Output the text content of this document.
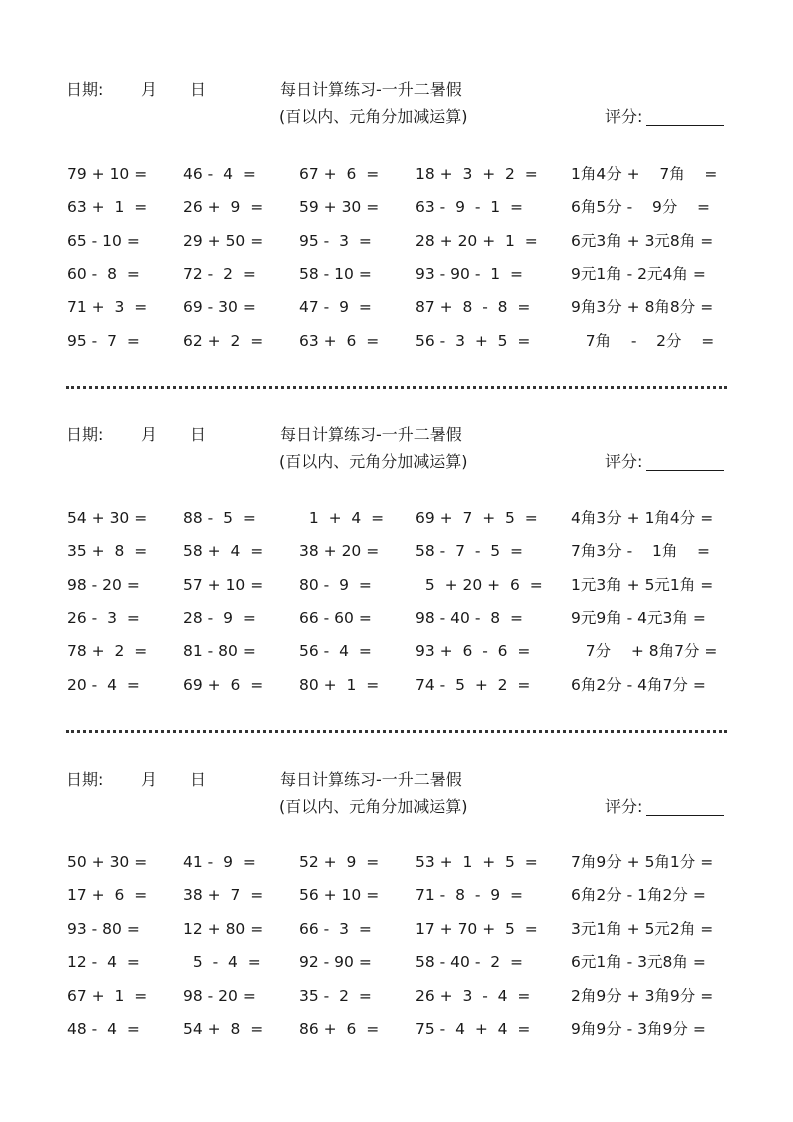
日期: 月 日	每日计算练习-一升二暑假
(百以内、元角分加减运算)	评分:
79 + 10 = 46 -  4  =	67 +  6  = 18 +  3  +  2  = 1角4分 +    7角    =
63 +  1  = 26 +  9  = 59 + 30 = 63 -  9  -  1  =	6角5分 -    9分    =
65 - 10 =	29 + 50 = 95 -  3  =	28 + 20 +  1  = 6元3角 + 3元8角 =
60 -  8  =	72 -  2  =	58 - 10 =	93 - 90 -  1  =	9元1角 - 2元4角 =
71 +  3  = 69 - 30 =	47 -  9  =	87 +  8  -  8  =	9角3分 + 8角8分 =
95 -  7  =	62 +  2  = 63 +  6  = 56 -  3  +  5  =	7角    -    2分    =
日期: 月 日	每日计算练习-一升二暑假
(百以内、元角分加减运算)	评分:
54 + 30 = 88 -  5  =	1  +  4  = 69 +  7  +  5  = 4角3分 + 1角4分 =
35 +  8  = 58 +  4  = 38 + 20 = 58 -  7  -  5  =	7角3分 -    1角    =
98 - 20 =	57 + 10 = 80 -  9  =	5  + 20 +  6  = 1元3角 + 5元1角 =
26 -  3  =	28 -  9  =	66 - 60 =	98 - 40 -  8  =	9元9角 - 4元3角 =
78 +  2  = 81 - 80 =	56 -  4  =	93 +  6  -  6  =	7分    + 8角7分 =
20 -  4  =	69 +  6  = 80 +  1  = 74 -  5  +  2  =	6角2分 - 4角7分 =
日期: 月 日	每日计算练习-一升二暑假
(百以内、元角分加减运算)	评分:
50 + 30 = 41 -  9  =	52 +  9  = 53 +  1  +  5  = 7角9分 + 5角1分 =
17 +  6  = 38 +  7  = 56 + 10 = 71 -  8  -  9  =	6角2分 - 1角2分 =
93 - 80 =	12 + 80 = 66 -  3  =	17 + 70 +  5  = 3元1角 + 5元2角 =
12 -  4  =	5  -  4  = 92 - 90 =	58 - 40 -  2  =	6元1角 - 3元8角 =
67 +  1  = 98 - 20 =	35 -  2  =	26 +  3  -  4  =	2角9分 + 3角9分 =
48 -  4  =	54 +  8  = 86 +  6  = 75 -  4  +  4  =	9角9分 - 3角9分 =
